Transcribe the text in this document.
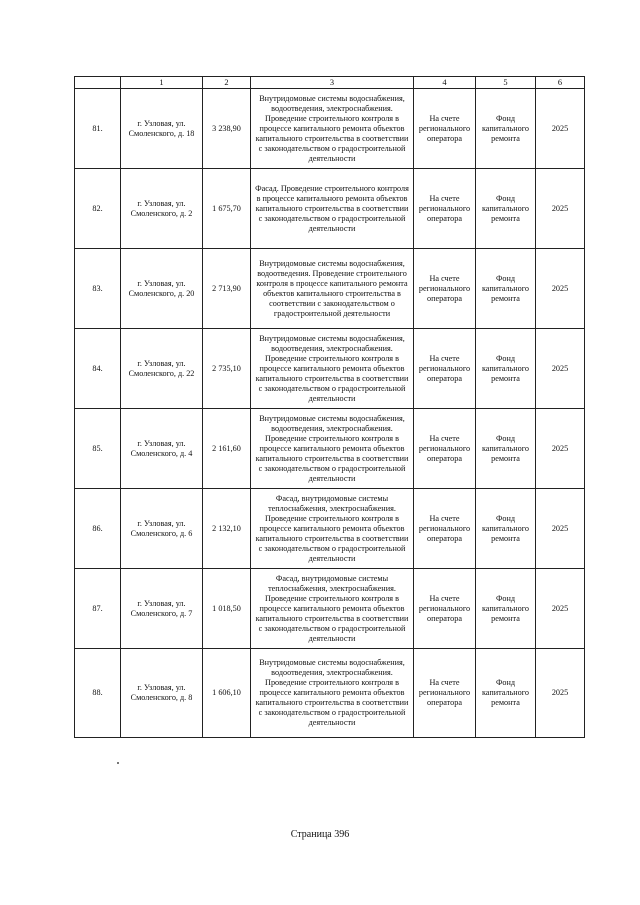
	1	2	3	4	5	6
81.	г. Узловая, ул. Смоленского, д. 18	3 238,90	Внутридомовые системы водоснабжения, водоотведения, электроснабжения. Проведение строительного контроля в процессе капитального ремонта объектов капитального строительства в соответствии с законодательством о градостроительной деятельности	На счете регионального оператора	Фонд капитального ремонта	2025
82.	г. Узловая, ул. Смоленского, д. 2	1 675,70	Фасад. Проведение строительного контроля в процессе капитального ремонта объектов капитального строительства в соответствии с законодательством о градостроительной деятельности	На счете регионального оператора	Фонд капитального ремонта	2025
83.	г. Узловая, ул. Смоленского, д. 20	2 713,90	Внутридомовые системы водоснабжения, водоотведения. Проведение строительного контроля в процессе капитального ремонта объектов капитального строительства в соответствии с законодательством о градостроительной деятельности	На счете регионального оператора	Фонд капитального ремонта	2025
84.	г. Узловая, ул. Смоленского, д. 22	2 735,10	Внутридомовые системы водоснабжения, водоотведения, электроснабжения. Проведение строительного контроля в процессе капитального ремонта объектов капитального строительства в соответствии с законодательством о градостроительной деятельности	На счете регионального оператора	Фонд капитального ремонта	2025
85.	г. Узловая, ул. Смоленского, д. 4	2 161,60	Внутридомовые системы водоснабжения, водоотведения, электроснабжения. Проведение строительного контроля в процессе капитального ремонта объектов капитального строительства в соответствии с законодательством о градостроительной деятельности	На счете регионального оператора	Фонд капитального ремонта	2025
86.	г. Узловая, ул. Смоленского, д. 6	2 132,10	Фасад, внутридомовые системы теплоснабжения, электроснабжения. Проведение строительного контроля в процессе капитального ремонта объектов капитального строительства в соответствии с законодательством о градостроительной деятельности	На счете регионального оператора	Фонд капитального ремонта	2025
87.	г. Узловая, ул. Смоленского, д. 7	1 018,50	Фасад, внутридомовые системы теплоснабжения, электроснабжения. Проведение строительного контроля в процессе капитального ремонта объектов капитального строительства в соответствии с законодательством о градостроительной деятельности	На счете регионального оператора	Фонд капитального ремонта	2025
88.	г. Узловая, ул. Смоленского, д. 8	1 606,10	Внутридомовые системы водоснабжения, водоотведения, электроснабжения. Проведение строительного контроля в процессе капитального ремонта объектов капитального строительства в соответствии с законодательством о градостроительной деятельности	На счете регионального оператора	Фонд капитального ремонта	2025
Страница 396
